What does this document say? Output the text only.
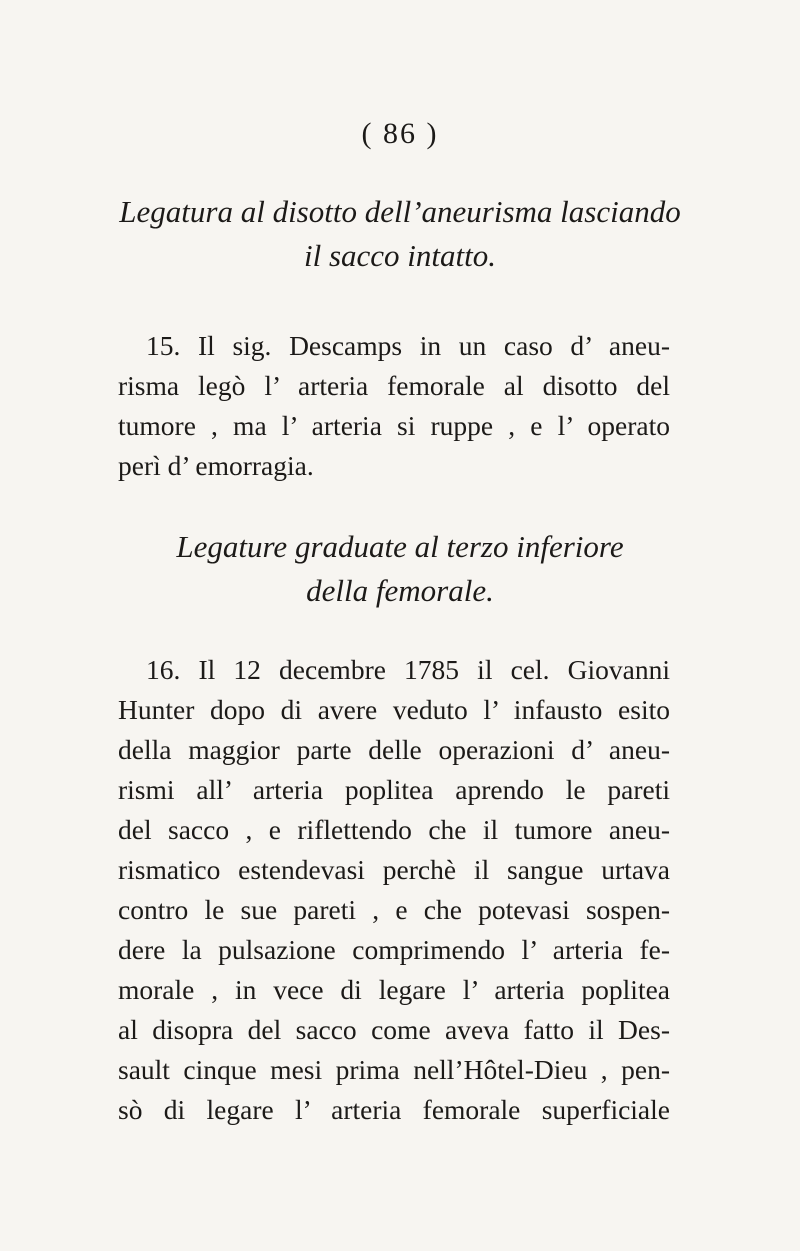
( 86 )
Legatura al disotto dell’aneurisma lasciando
il sacco intatto.
15. Il sig. Descamps in un caso d’ aneu-
risma legò l’ arteria femorale al disotto del
tumore , ma l’ arteria si ruppe , e l’ operato
perì d’ emorragia.
Legature graduate al terzo inferiore
della femorale.
16. Il 12 decembre 1785 il cel. Giovanni
Hunter dopo di avere veduto l’ infausto esito
della maggior parte delle operazioni d’ aneu-
rismi all’ arteria poplitea aprendo le pareti
del sacco , e riflettendo che il tumore aneu-
rismatico estendevasi perchè il sangue urtava
contro le sue pareti , e che potevasi sospen-
dere la pulsazione comprimendo l’ arteria fe-
morale , in vece di legare l’ arteria poplitea
al disopra del sacco come aveva fatto il Des-
sault cinque mesi prima nell’Hôtel-Dieu , pen-
sò di legare l’ arteria femorale superficiale
